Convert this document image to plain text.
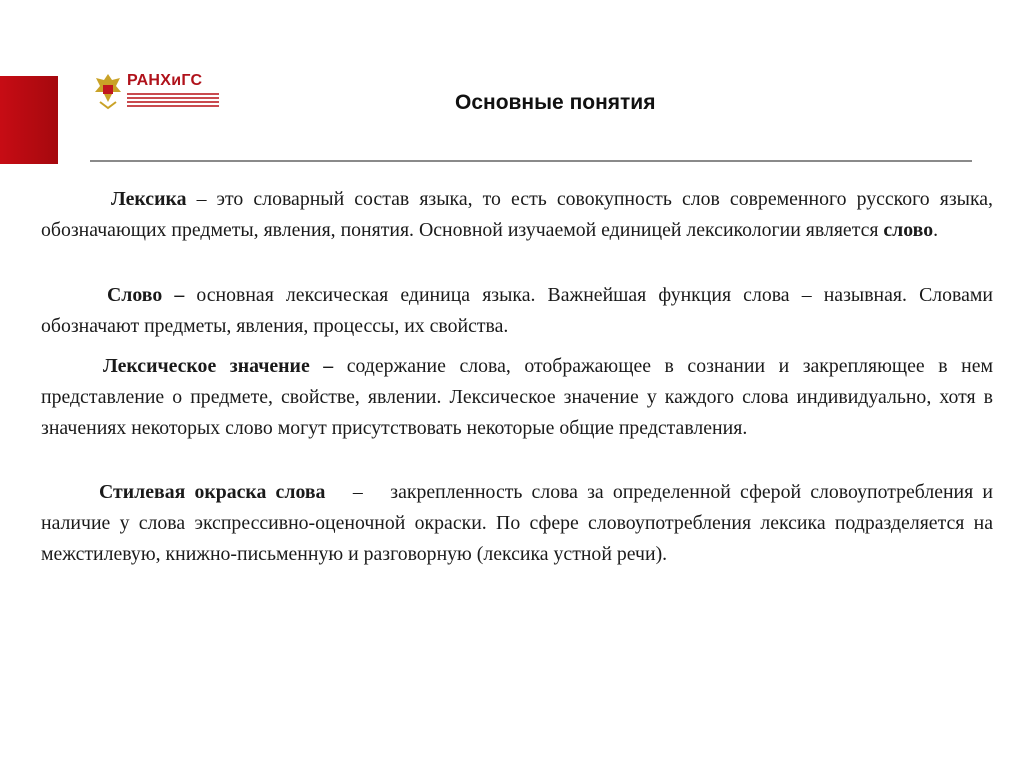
РАНХиГС
Основные понятия
Лексика – это словарный состав языка, то есть совокупность слов современного русского языка, обозначающих предметы, явления, понятия. Основной изучаемой единицей лексикологии является слово.
Слово – основная лексическая единица языка. Важнейшая функция слова – назывная. Словами обозначают предметы, явления, процессы, их свойства.
Лексическое значение – содержание слова, отображающее в сознании и закрепляющее в нем представление о предмете, свойстве, явлении. Лексическое значение у каждого слова индивидуально, хотя в значениях некоторых слово могут присутствовать некоторые общие представления.
Стилевая окраска слова   –   закрепленность слова за определенной сферой словоупотребления и наличие у слова экспрессивно-оценочной окраски. По сфере словоупотребления лексика подразделяется на межстилевую, книжно-письменную и разговорную (лексика устной речи).
